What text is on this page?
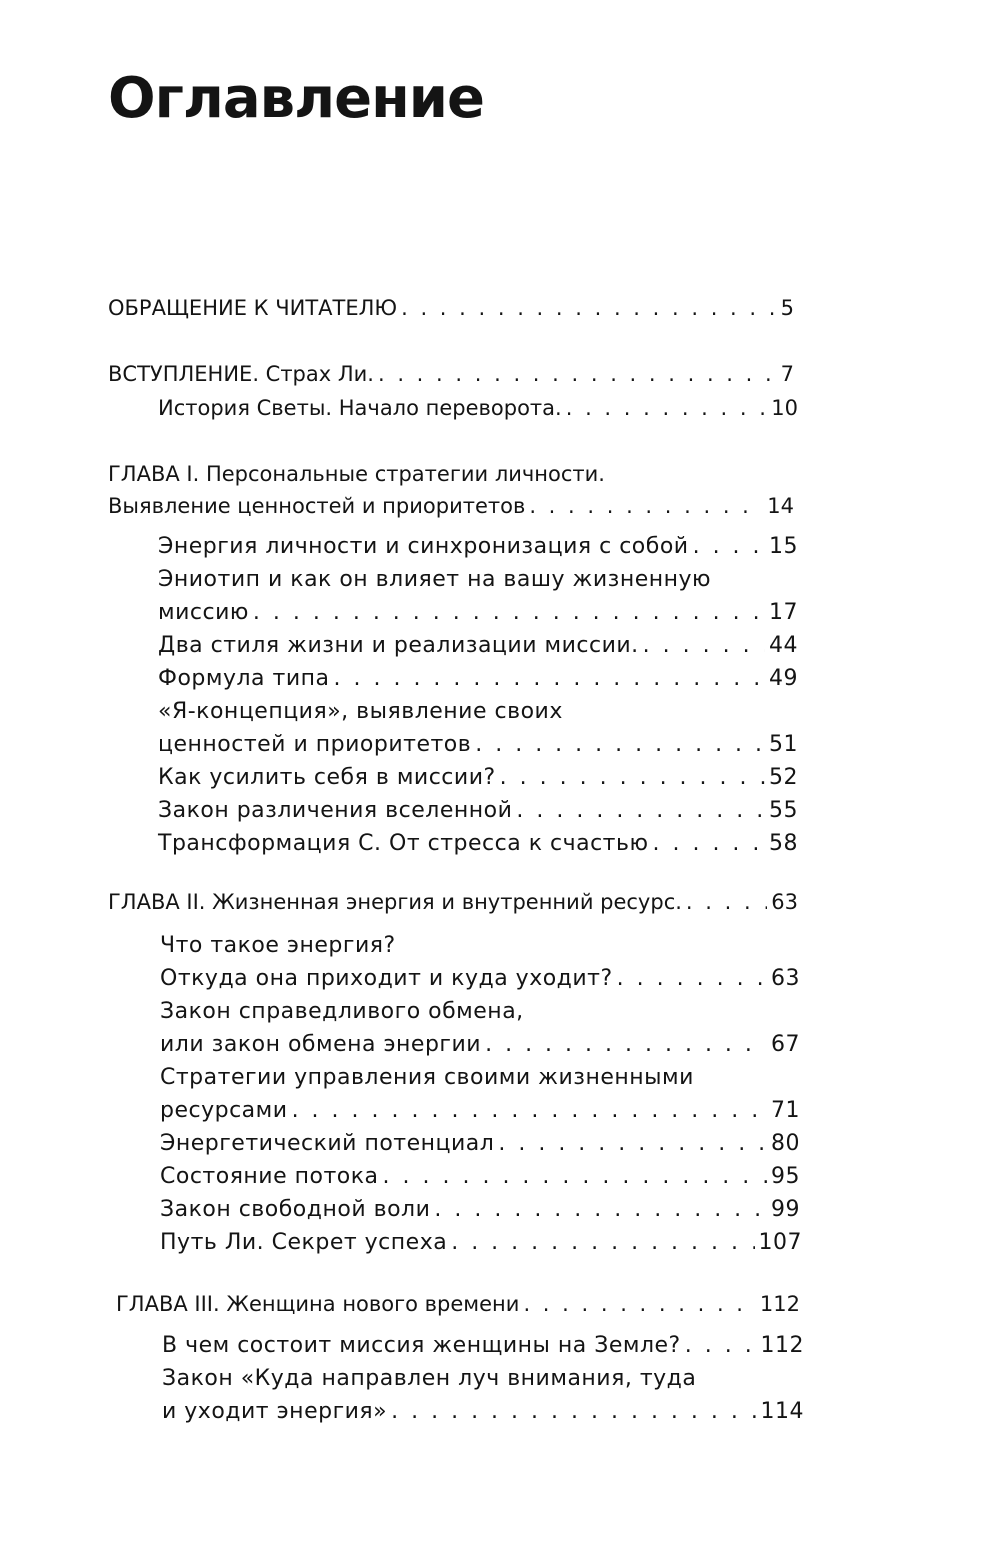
Оглавление
ОБРАЩЕНИЕ К ЧИТАТЕЛЮ . . .	5
ВСТУПЛЕНИЕ. Страх Ли. . . .	7
История Светы. Начало переворота. . . .	10
ГЛАВА I. Персональные стратегии личности.
Выявление ценностей и приоритетов . . .	14
Энергия личности и синхронизация с собой . . .	15
Эниотип и как он влияет на вашу жизненную
миссию . . .	17
Два стиля жизни и реализации миссии. . . .	44
Формула типа . . .	49
«Я-концепция», выявление своих
ценностей и приоритетов . . .	51
Как усилить себя в миссии? . . .	52
Закон различения вселенной . . .	55
Трансформация С. От стресса к счастью . . .	58
ГЛАВА II. Жизненная энергия и внутренний ресурс. . . .	63
Что такое энергия?
Откуда она приходит и куда уходит? . . .	63
Закон справедливого обмена,
или закон обмена энергии . . .	67
Стратегии управления своими жизненными
ресурсами . . .	71
Энергетический потенциал . . .	80
Состояние потока . . .	95
Закон свободной воли . . .	99
Путь Ли. Секрет успеха . . .	107
ГЛАВА III. Женщина нового времени . . .	112
В чем состоит миссия женщины на Земле? . . .	112
Закон «Куда направлен луч внимания, туда
и уходит энергия» . . .	114
